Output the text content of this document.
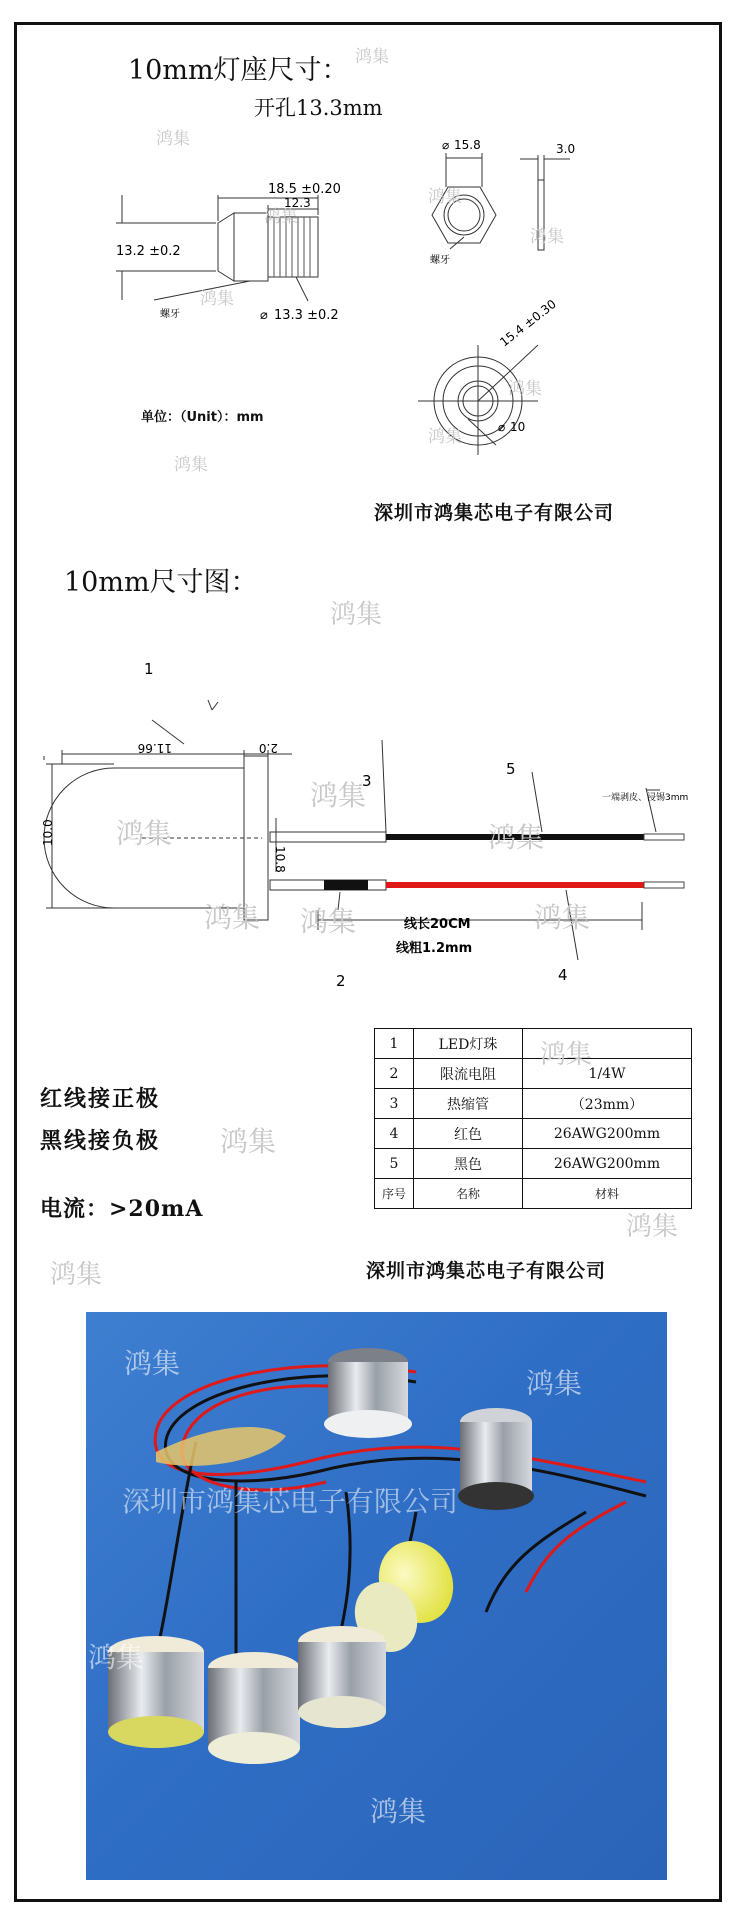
10mm灯座尺寸：
开孔13.3mm
18.5 ±0.20
12.3
13.2 ±0.2
螺牙	⌀ 13.3 ±0.2
⌀ 15.8	3.0
螺牙
15.4 ±0.30
⌀ 10
单位：（Unit）：mm
深圳市鸿集芯电子有限公司
10mm尺寸图：
1
2
3
4
5
11.66	2.0
10.0
10.8
一端剥皮、浸锡3mm
线长20CM
线粗1.2mm
红线接正极
黑线接负极
电流：>20mA
1	LED灯珠	
2	限流电阻	1/4W
3	热缩管	（23mm）
4	红色	26AWG200mm
5	黑色	26AWG200mm
序号	名称	材料
深圳市鸿集芯电子有限公司
深圳市鸿集芯电子有限公司
鸿集
鸿集
鸿集
鸿集
鸿集
鸿集
鸿集
鸿集
鸿集
鸿集
鸿集
鸿集
鸿集
鸿集 鸿集	鸿集
鸿集
鸿集
鸿集
鸿集
鸿集
鸿集
鸿集
鸿集
